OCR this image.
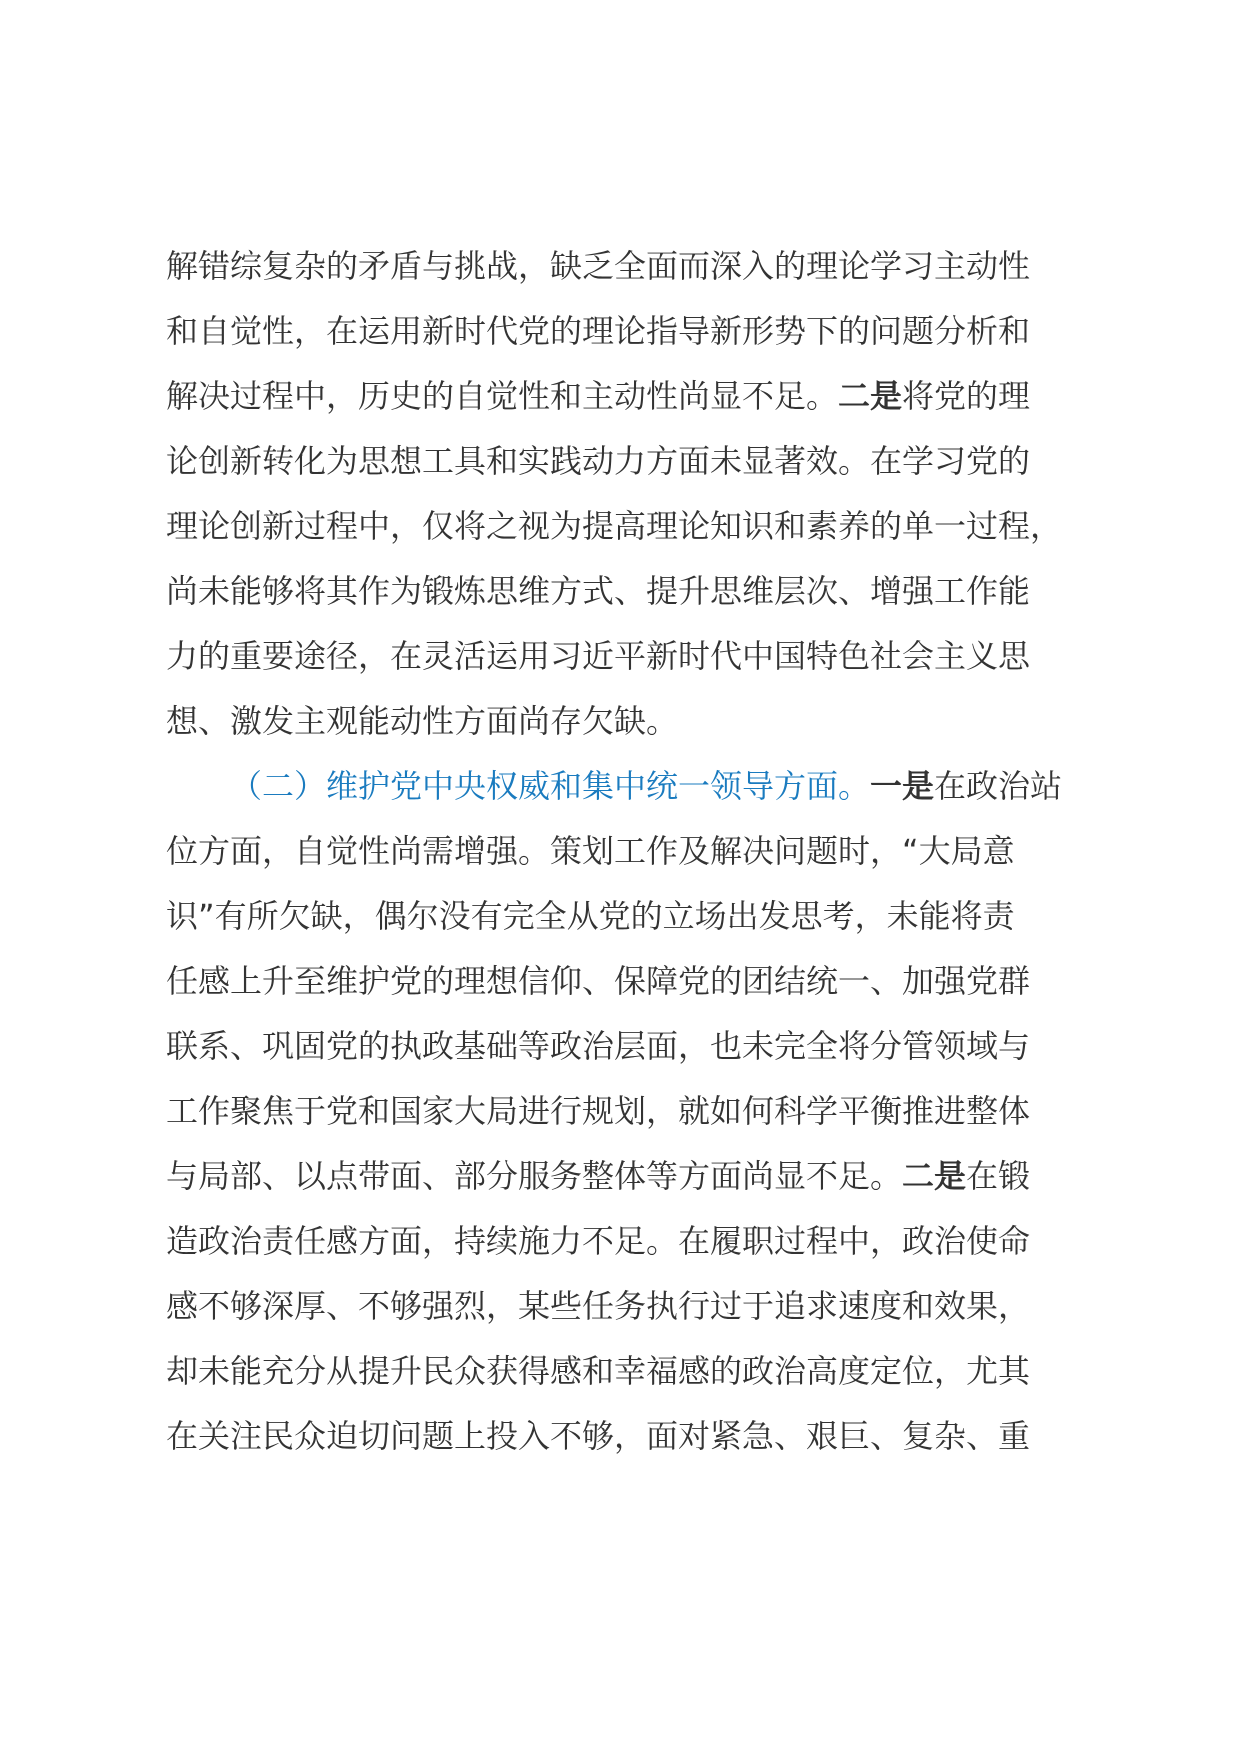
解错综复杂的矛盾与挑战，缺乏全面而深入的理论学习主动性
和自觉性，在运用新时代党的理论指导新形势下的问题分析和
解决过程中，历史的自觉性和主动性尚显不足。二是将党的理
论创新转化为思想工具和实践动力方面未显著效。在学习党的
理论创新过程中，仅将之视为提高理论知识和素养的单一过程，
尚未能够将其作为锻炼思维方式、提升思维层次、增强工作能
力的重要途径，在灵活运用习近平新时代中国特色社会主义思
想、激发主观能动性方面尚存欠缺。
（二）维护党中央权威和集中统一领导方面。一是在政治站
位方面，自觉性尚需增强。策划工作及解决问题时，“大局意
识”有所欠缺，偶尔没有完全从党的立场出发思考，未能将责
任感上升至维护党的理想信仰、保障党的团结统一、加强党群
联系、巩固党的执政基础等政治层面，也未完全将分管领域与
工作聚焦于党和国家大局进行规划，就如何科学平衡推进整体
与局部、以点带面、部分服务整体等方面尚显不足。二是在锻
造政治责任感方面，持续施力不足。在履职过程中，政治使命
感不够深厚、不够强烈，某些任务执行过于追求速度和效果，
却未能充分从提升民众获得感和幸福感的政治高度定位，尤其
在关注民众迫切问题上投入不够，面对紧急、艰巨、复杂、重
